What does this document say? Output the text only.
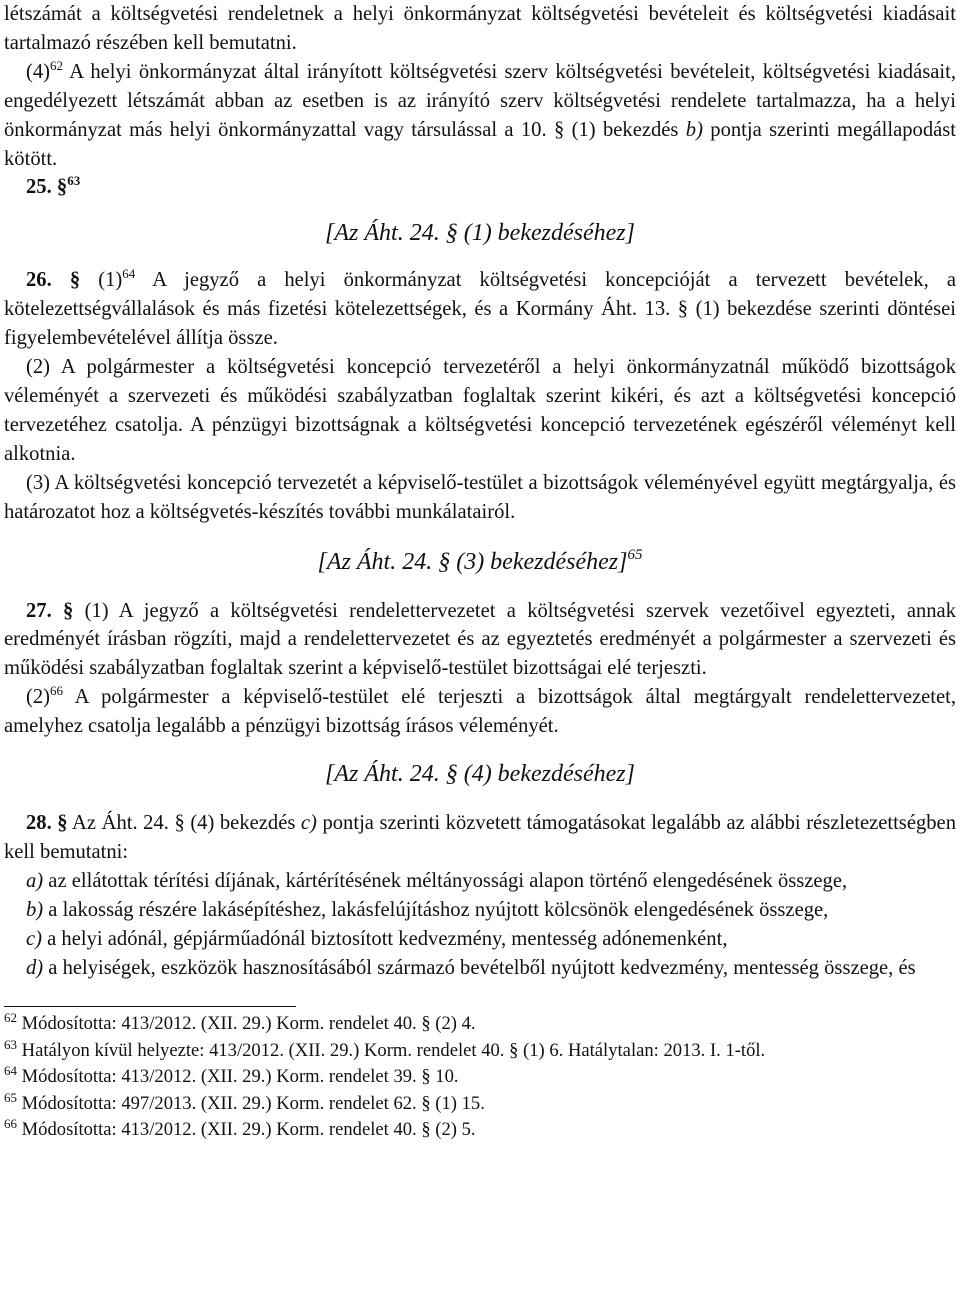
létszámát a költségvetési rendeletnek a helyi önkormányzat költségvetési bevételeit és költségvetési kiadásait tartalmazó részében kell bemutatni.

$(4)^{62}$ A helyi önkormányzat által irányított költségvetési szerv költségvetési bevételeit, költségvetési kiadásait, engedélyezett létszámát abban az esetben is az irányító szerv költségvetési rendelete tartalmazza, ha a helyi önkormányzat más helyi önkormányzattal vagy társulással a 10. § (1) bekezdés b) pontja szerinti megállapodást kötött.

25. §$^{63}$

[Az Áht. 24. § (1) bekezdéséhez]

26. § $(1)^{64}$ A jegyző a helyi önkormányzat költségvetési koncepcióját a tervezett bevételek, a kötelezettségvállalások és más fizetési kötelezettségek, és a Kormány Áht. 13. § (1) bekezdése szerinti döntései figyelembevételével állítja össze.

(2) A polgármester a költségvetési koncepció tervezetéről a helyi önkormányzatnál működő bizottságok véleményét a szervezeti és működési szabályzatban foglaltak szerint kikéri, és azt a költségvetési koncepció tervezetéhez csatolja. A pénzügyi bizottságnak a költségvetési koncepció tervezetének egészéről véleményt kell alkotnia.

(3) A költségvetési koncepció tervezetét a képviselő-testület a bizottságok véleményével együtt megtárgyalja, és határozatot hoz a költségvetés-készítés további munkálatairól.

[Az Áht. 24. § (3) bekezdéséhez]$^{65}$

27. § (1) A jegyző a költségvetési rendelettervezetet a költségvetési szervek vezetőivel egyezteti, annak eredményét írásban rögzíti, majd a rendelettervezetet és az egyeztetés eredményét a polgármester a szervezeti és működési szabályzatban foglaltak szerint a képviselő-testület bizottságai elé terjeszti.

$(2)^{66}$ A polgármester a képviselő-testület elé terjeszti a bizottságok által megtárgyalt rendelettervezetet, amelyhez csatolja legalább a pénzügyi bizottság írásos véleményét.

[Az Áht. 24. § (4) bekezdéséhez]

28. § Az Áht. 24. § (4) bekezdés c) pontja szerinti közvetett támogatásokat legalább az alábbi részletezettségben kell bemutatni:

a) az ellátottak térítési díjának, kártérítésének méltányossági alapon történő elengedésének összege,

b) a lakosság részére lakásépítéshez, lakásfelújításhoz nyújtott kölcsönök elengedésének összege,

c) a helyi adónál, gépjárműadónál biztosított kedvezmény, mentesség adónemenként,

d) a helyiségek, eszközök hasznosításából származó bevételből nyújtott kedvezmény, mentesség összege, és

$^{62}$ Módosította: 413/2012. (XII. 29.) Korm. rendelet 40. § (2) 4.

$^{63}$ Hatályon kívül helyezte: 413/2012. (XII. 29.) Korm. rendelet 40. § (1) 6. Hatálytalan: 2013. I. 1-től.

$^{64}$ Módosította: 413/2012. (XII. 29.) Korm. rendelet 39. § 10.

$^{65}$ Módosította: 497/2013. (XII. 29.) Korm. rendelet 62. § (1) 15.

$^{66}$ Módosította: 413/2012. (XII. 29.) Korm. rendelet 40. § (2) 5.
